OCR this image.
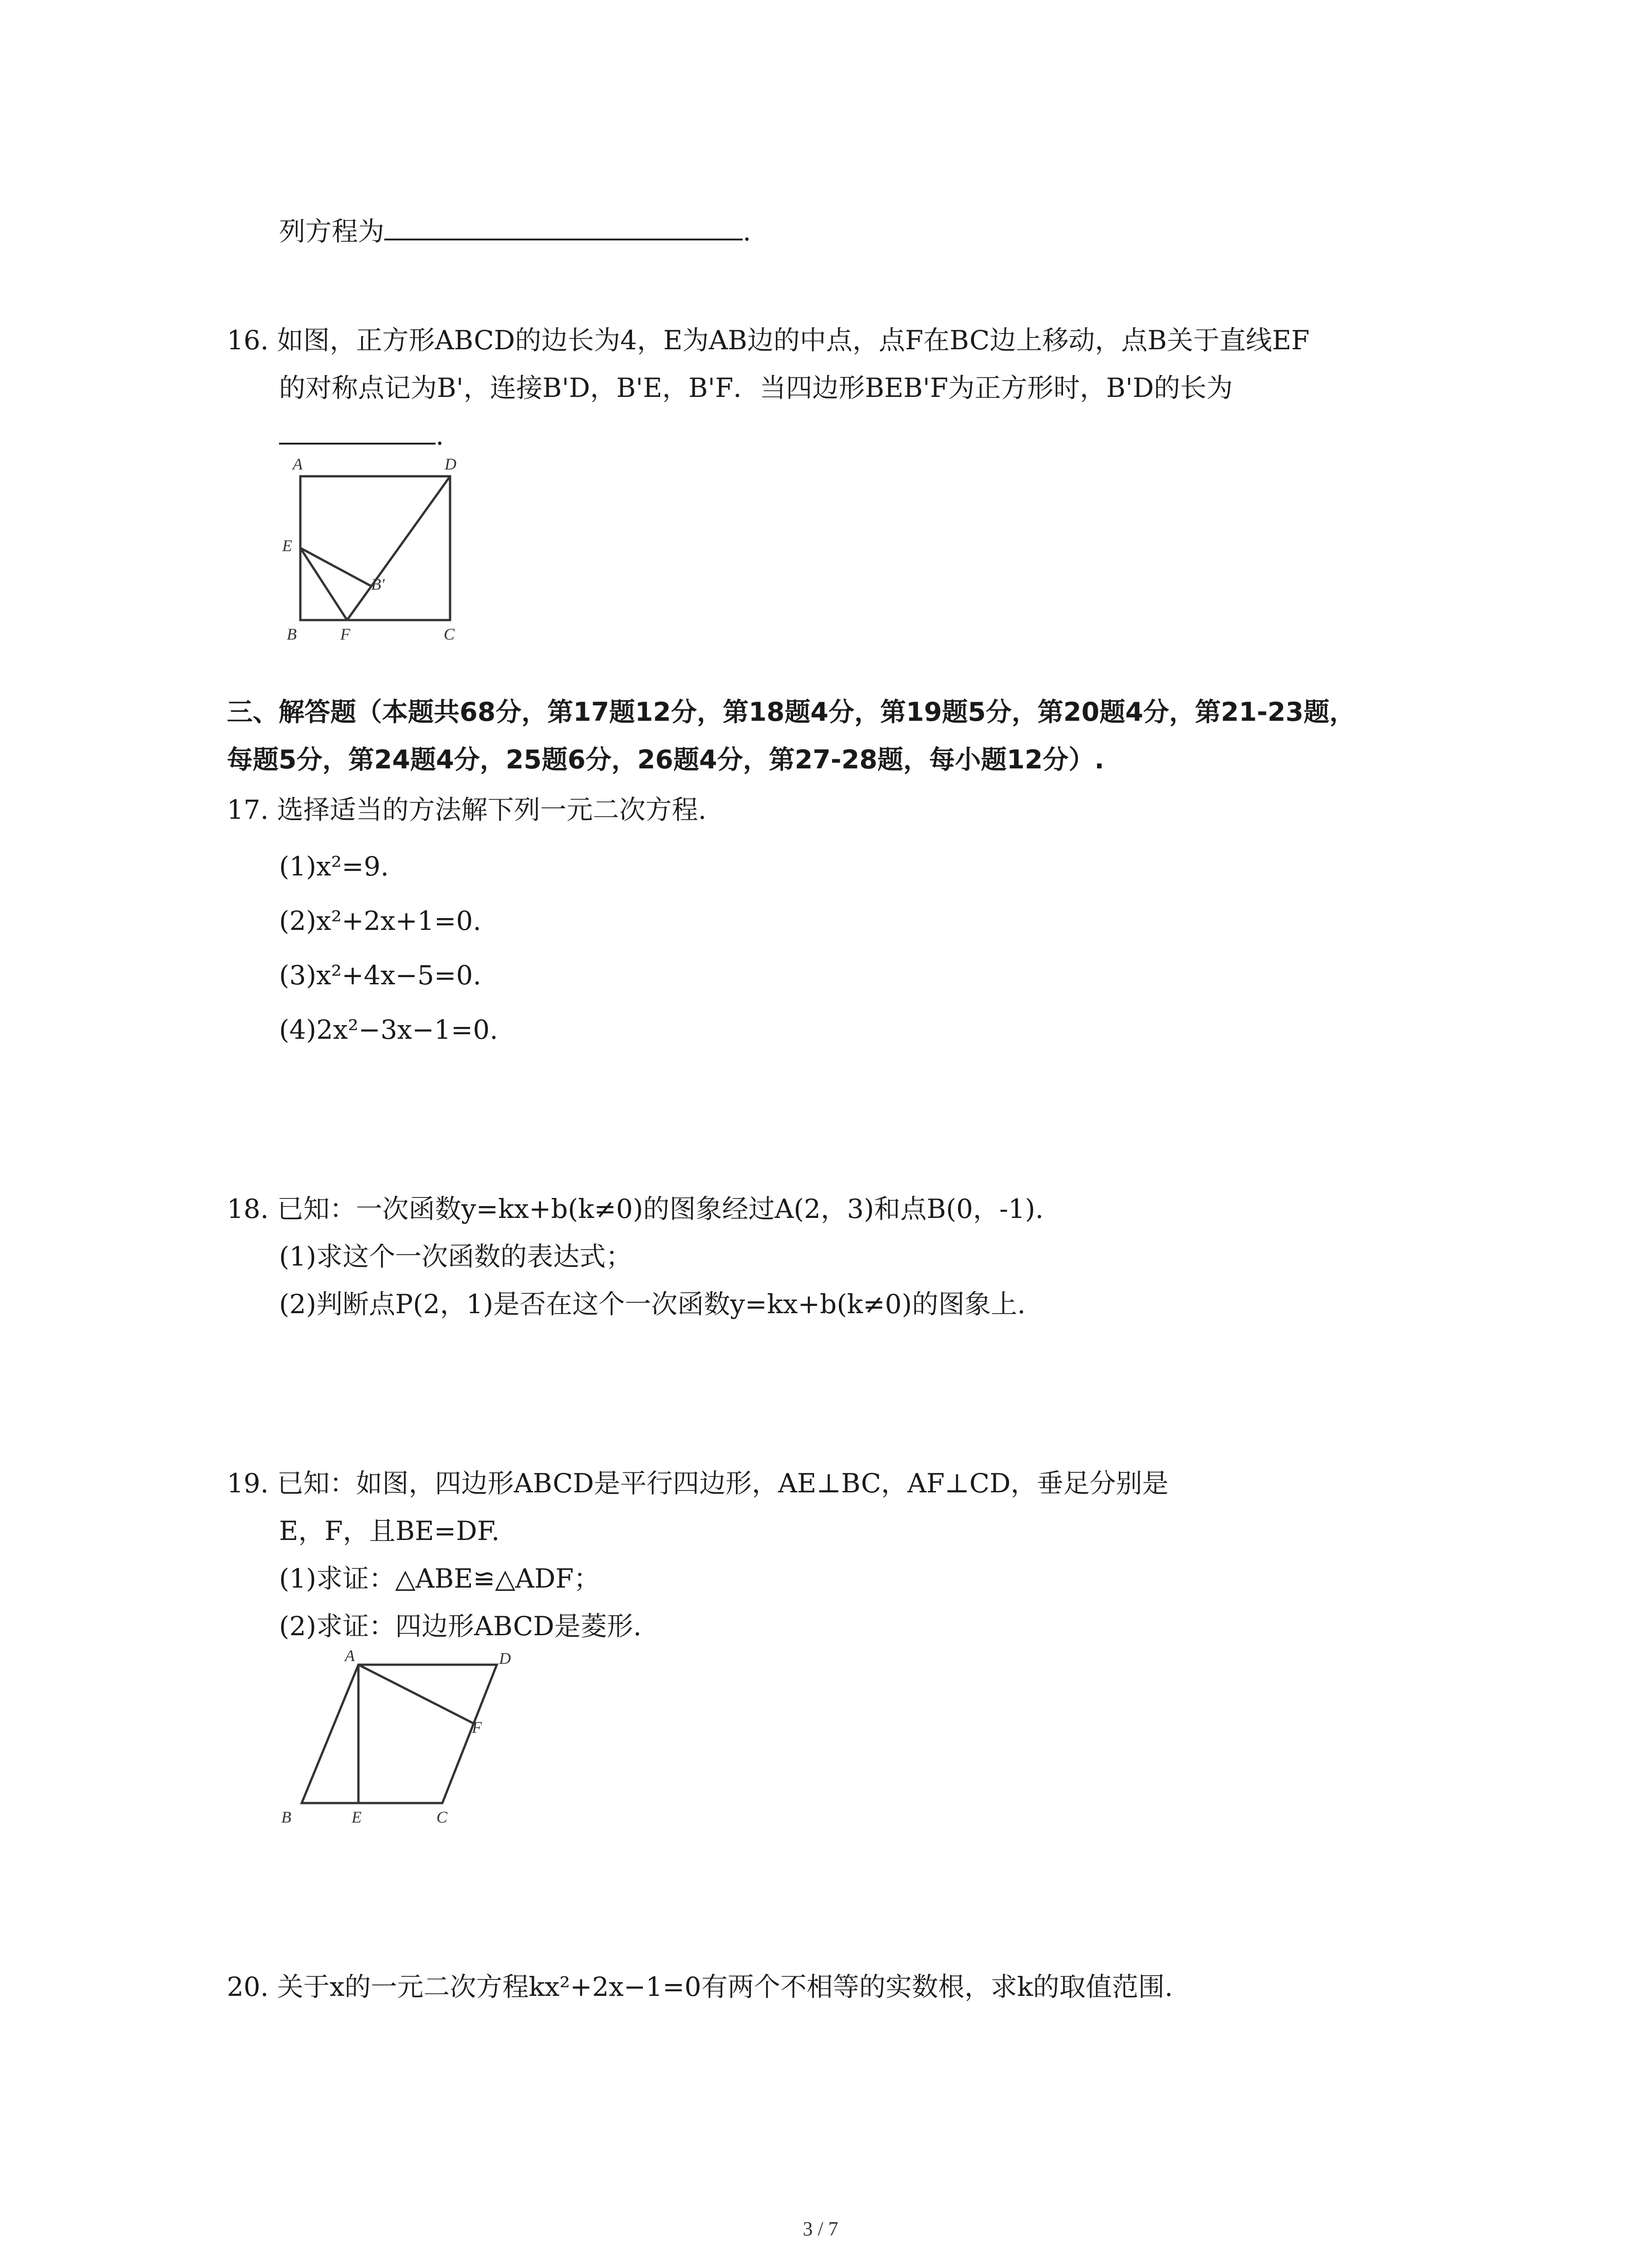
列方程为	.
16. 如图，正方形ABCD的边长为4，E为AB边的中点，点F在BC边上移动，点B关于直线EF
的对称点记为B'，连接B'D，B'E，B'F．当四边形BEB'F为正方形时，B'D的长为
.
A	D
E
B'
B	F	C
三、解答题（本题共68分，第17题12分，第18题4分，第19题5分，第20题4分，第21-23题，
每题5分，第24题4分，25题6分，26题4分，第27-28题，每小题12分）.
17. 选择适当的方法解下列一元二次方程.
(1)x²=9.
(2)x²+2x+1=0.
(3)x²+4x−5=0.
(4)2x²−3x−1=0.
18. 已知：一次函数y=kx+b(k≠0)的图象经过A(2，3)和点B(0，-1).
(1)求这个一次函数的表达式；
(2)判断点P(2，1)是否在这个一次函数y=kx+b(k≠0)的图象上.
19. 已知：如图，四边形ABCD是平行四边形，AE⊥BC，AF⊥CD，垂足分别是
E，F，且BE=DF.
(1)求证：△ABE≌△ADF；
(2)求证：四边形ABCD是菱形.
A	D
F
B	E	C
20. 关于x的一元二次方程kx²+2x−1=0有两个不相等的实数根，求k的取值范围.
3 / 7
